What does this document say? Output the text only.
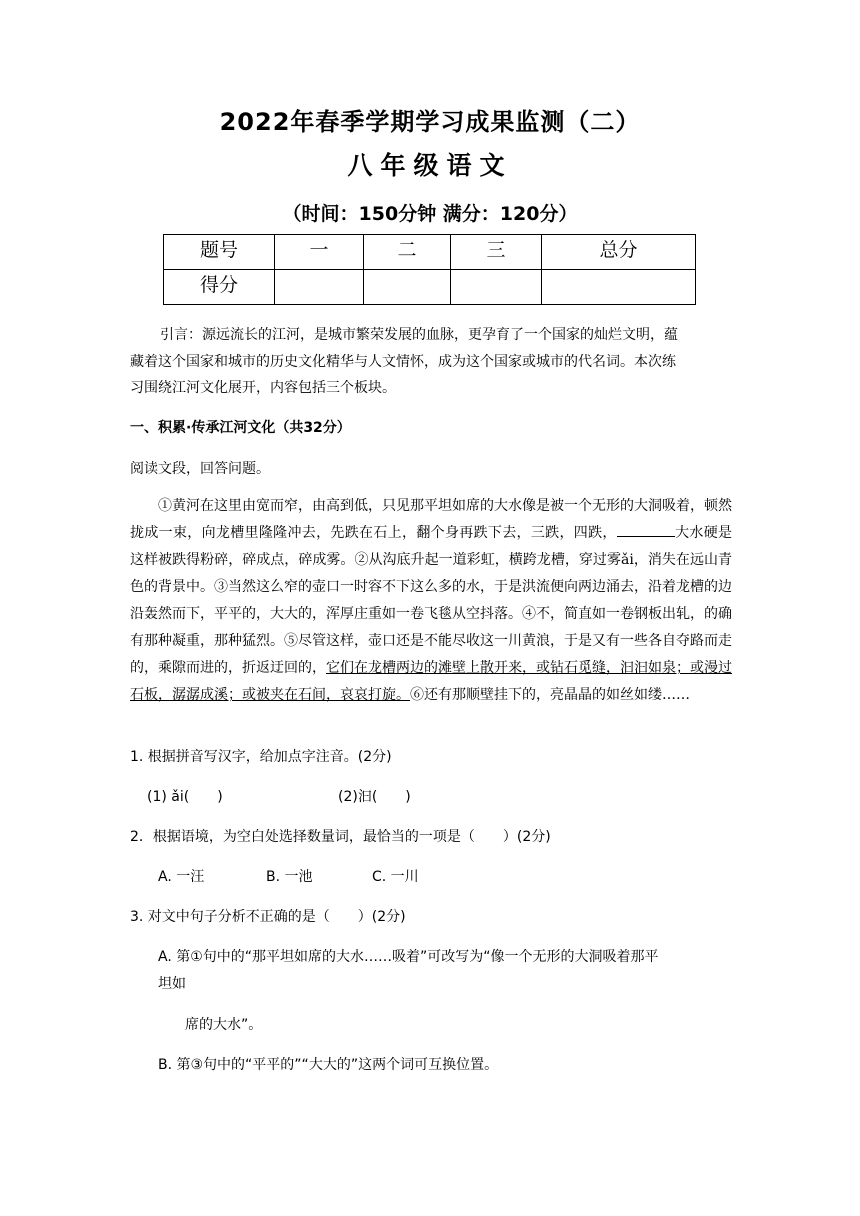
2022年春季学期学习成果监测（二）
八年级语文
（时间：150分钟 满分：120分）
题号	一	二	三	总分
得分				
引言：源远流长的江河，是城市繁荣发展的血脉，更孕育了一个国家的灿烂文明，蕴
藏着这个国家和城市的历史文化精华与人文情怀，成为这个国家或城市的代名词。本次练
习围绕江河文化展开，内容包括三个板块。
一、积累·传承江河文化（共32分）
阅读文段，回答问题。
①黄河在这里由宽而窄，由高到低，只见那平坦如席的大水像是被一个无形的大洞吸着，顿然拢成一束，向龙槽里隆隆冲去，先跌在石上，翻个身再跌下去，三跌，四跌，	大水硬是这样被跌得粉碎，碎成点，碎成雾。②从沟底升起一道彩虹，横跨龙槽，穿过雾ǎi，消失在远山青色的背景中。③当然这么窄的壶口一时容不下这么多的水，于是洪流便向两边涌去，沿着龙槽的边沿轰然而下，平平的，大大的，浑厚庄重如一卷飞毯从空抖落。④不，简直如一卷钢板出轧，的确有那种凝重，那种猛烈。⑤尽管这样，壶口还是不能尽收这一川黄浪，于是又有一些各自夺路而走的，乘隙而进的，折返迂回的，它们在龙槽两边的滩壁上散开来，或钻石觅缝，汩汩如泉；或漫过石板，潺潺成溪；或被夹在石间，哀哀打旋。⑥还有那顺壁挂下的，亮晶晶的如丝如缕……
1. 根据拼音写汉字，给加点字注音。(2分)
(1) ǎi(　　)	(2)汩(　　)
2．根据语境，为空白处选择数量词，最恰当的一项是（　　）(2分)
A. 一汪	B. 一池	C. 一川
3. 对文中句子分析不正确的是（　　）(2分)
A. 第①句中的“那平坦如席的大水……吸着”可改写为“像一个无形的大洞吸着那平
坦如
席的大水”。
B. 第③句中的“平平的”“大大的”这两个词可互换位置。
